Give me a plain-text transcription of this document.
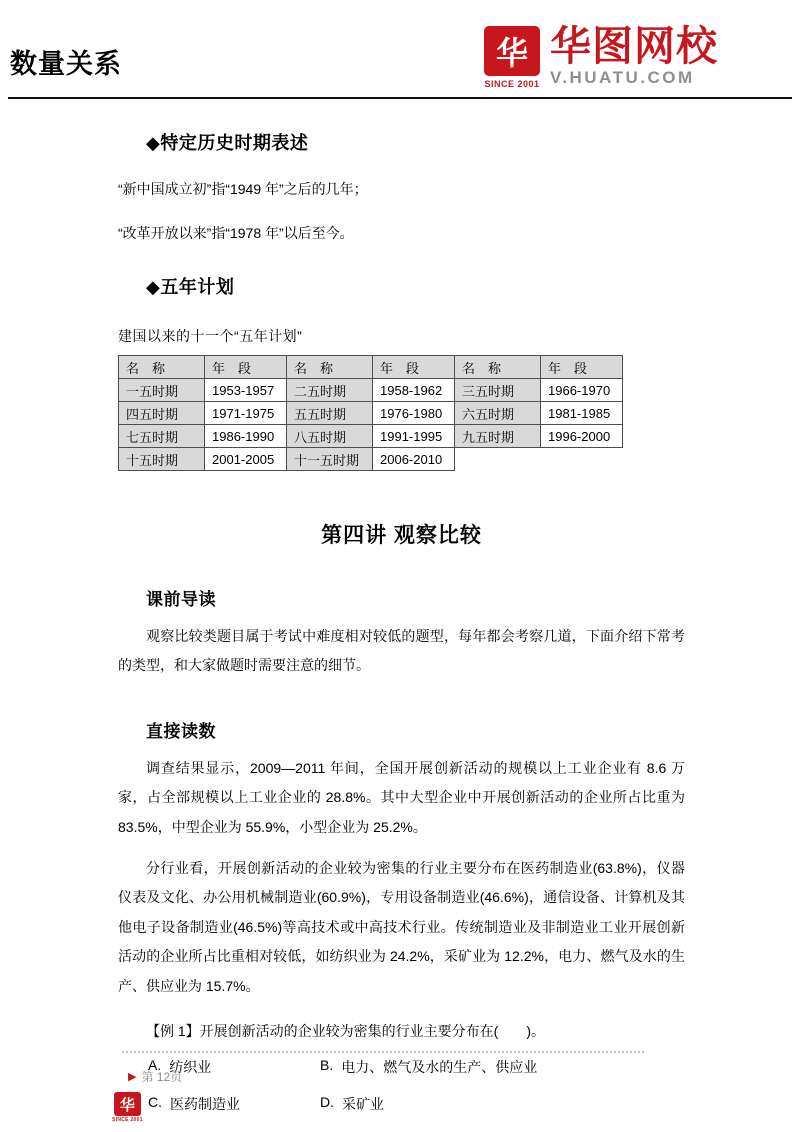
数量关系	华
SINCE 2001
华图网校
V.HUATU.COM
◆特定历史时期表述

“新中国成立初”指“1949 年”之后的几年；

“改革开放以来”指“1978 年”以后至今。

◆五年计划

建国以来的十一个“五年计划”

名　称	年　段	名　称	年　段	名　称	年　段
一五时期	1953-1957	二五时期	1958-1962	三五时期	1966-1970
四五时期	1971-1975	五五时期	1976-1980	六五时期	1981-1985
七五时期	1986-1990	八五时期	1991-1995	九五时期	1996-2000
十五时期	2001-2005	十一五时期	2006-2010		
第四讲 观察比较
课前导读

观察比较类题目属于考试中难度相对较低的题型，每年都会考察几道，下面介绍下常考的类型，和大家做题时需要注意的细节。

直接读数

调查结果显示，2009—2011 年间，全国开展创新活动的规模以上工业企业有 8.6 万家，占全部规模以上工业企业的 28.8%。其中大型企业中开展创新活动的企业所占比重为 83.5%，中型企业为 55.9%，小型企业为 25.2%。

分行业看，开展创新活动的企业较为密集的行业主要分布在医药制造业(63.8%)，仪器仪表及文化、办公用机械制造业(60.9%)，专用设备制造业(46.6%)，通信设备、计算机及其他电子设备制造业(46.5%)等高技术或中高技术行业。传统制造业及非制造业工业开展创新活动的企业所占比重相对较低，如纺织业为 24.2%，采矿业为 12.2%，电力、燃气及水的生产、供应业为 15.7%。

【例 1】开展创新活动的企业较为密集的行业主要分布在(　　)。

A. 纺织业	B. 电力、燃气及水的生产、供应业
C. 医药制造业	D. 采矿业
▶ 第 12页
华
SINCE 2001
